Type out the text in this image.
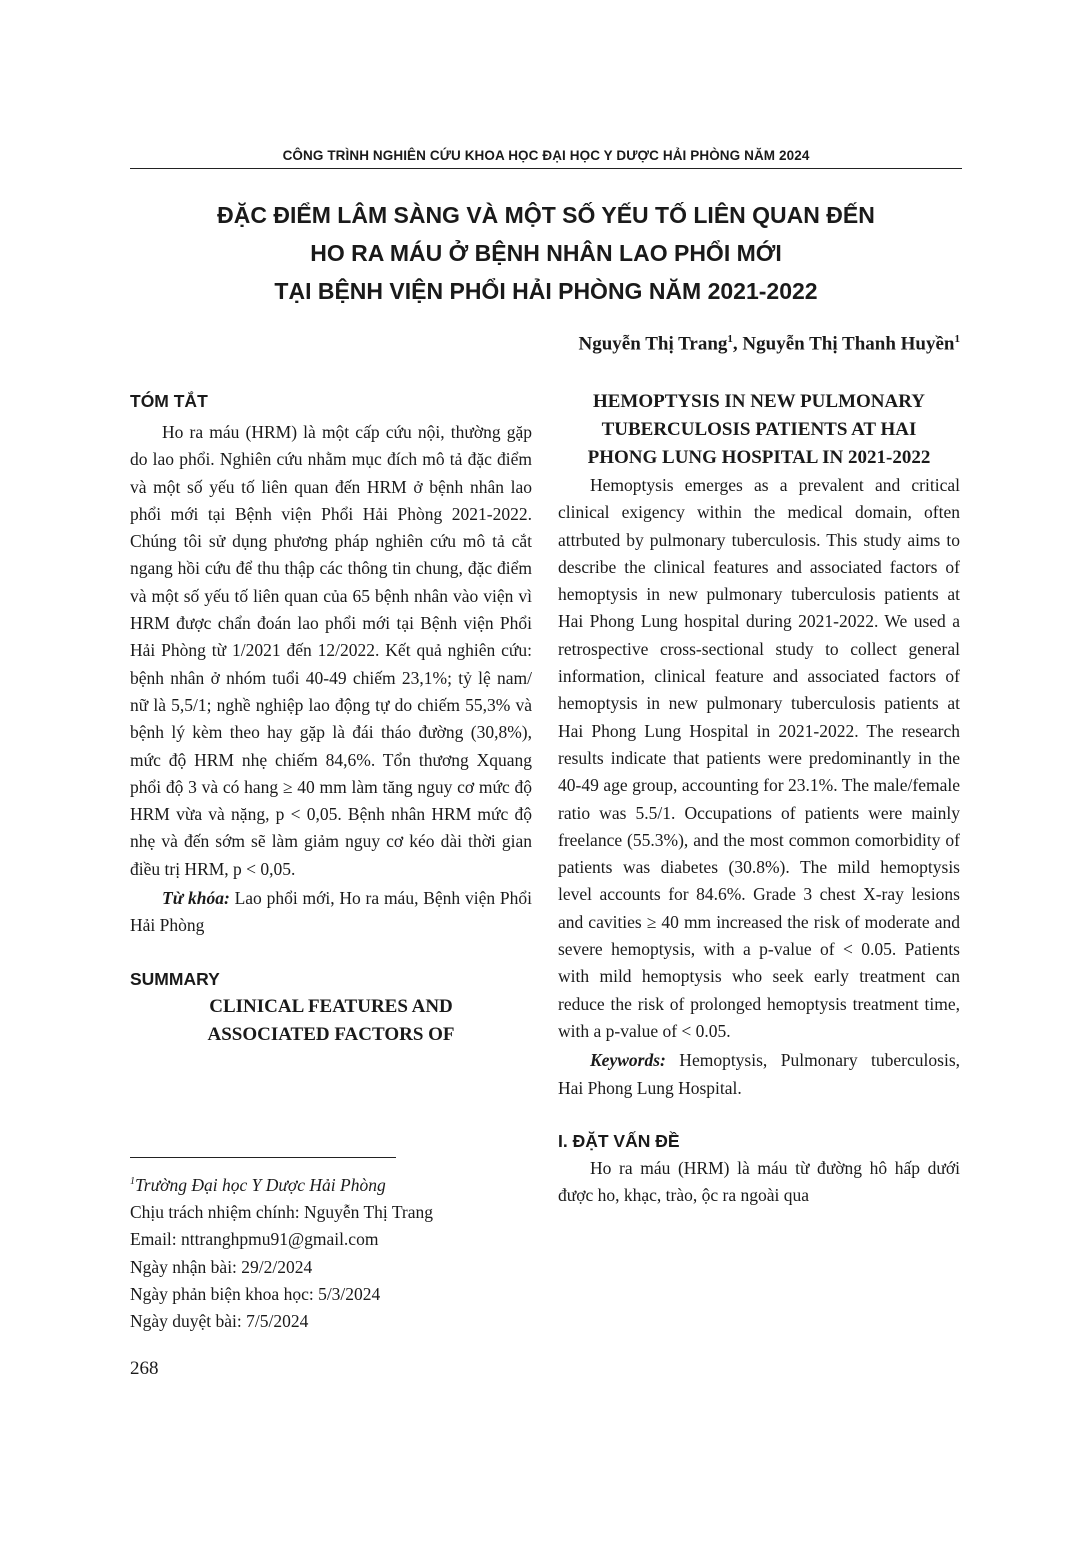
CÔNG TRÌNH NGHIÊN CỨU KHOA HỌC ĐẠI HỌC Y DƯỢC HẢI PHÒNG NĂM 2024
ĐẶC ĐIỂM LÂM SÀNG VÀ MỘT SỐ YẾU TỐ LIÊN QUAN ĐẾN
HO RA MÁU Ở BỆNH NHÂN LAO PHỔI MỚI
TẠI BỆNH VIỆN PHỔI HẢI PHÒNG NĂM 2021-2022
Nguyễn Thị Trang$^1$, Nguyễn Thị Thanh Huyền$^1$
TÓM TẮT

Ho ra máu (HRM) là một cấp cứu nội, thường gặp do lao phổi. Nghiên cứu nhằm mục đích mô tả đặc điểm và một số yếu tố liên quan đến HRM ở bệnh nhân lao phổi mới tại Bệnh viện Phổi Hải Phòng 2021-2022. Chúng tôi sử dụng phương pháp nghiên cứu mô tả cắt ngang hồi cứu để thu thập các thông tin chung, đặc điểm và một số yếu tố liên quan của 65 bệnh nhân vào viện vì HRM được chẩn đoán lao phổi mới tại Bệnh viện Phổi Hải Phòng từ 1/2021 đến 12/2022. Kết quả nghiên cứu: bệnh nhân ở nhóm tuổi 40-49 chiếm 23,1%; tỷ lệ nam/ nữ là 5,5/1; nghề nghiệp lao động tự do chiếm 55,3% và bệnh lý kèm theo hay gặp là đái tháo đường (30,8%), mức độ HRM nhẹ chiếm 84,6%. Tổn thương Xquang phổi độ 3 và có hang ≥ 40 mm làm tăng nguy cơ mức độ HRM vừa và nặng, p < 0,05. Bệnh nhân HRM mức độ nhẹ và đến sớm sẽ làm giảm nguy cơ kéo dài thời gian điều trị HRM, p < 0,05.

Từ khóa: Lao phổi mới, Ho ra máu, Bệnh viện Phổi Hải Phòng

SUMMARY
CLINICAL FEATURES AND
ASSOCIATED FACTORS OF
$^1$Trường Đại học Y Dược Hải Phòng
Chịu trách nhiệm chính: Nguyễn Thị Trang
Email: nttranghpmu91@gmail.com
Ngày nhận bài: 29/2/2024
Ngày phản biện khoa học: 5/3/2024
Ngày duyệt bài: 7/5/2024
HEMOPTYSIS IN NEW PULMONARY
TUBERCULOSIS PATIENTS AT HAI
PHONG LUNG HOSPITAL IN 2021-2022

Hemoptysis emerges as a prevalent and critical clinical exigency within the medical domain, often attrbuted by pulmonary tuberculosis. This study aims to describe the clinical features and associated factors of hemoptysis in new pulmonary tuberculosis patients at Hai Phong Lung hospital during 2021-2022. We used a retrospective cross-sectional study to collect general information, clinical feature and associated factors of hemoptysis in new pulmonary tuberculosis patients at Hai Phong Lung Hospital in 2021-2022. The research results indicate that patients were predominantly in the 40-49 age group, accounting for 23.1%. The male/female ratio was 5.5/1. Occupations of patients were mainly freelance (55.3%), and the most common comorbidity of patients was diabetes (30.8%). The mild hemoptysis level accounts for 84.6%. Grade 3 chest X-ray lesions and cavities ≥ 40 mm increased the risk of moderate and severe hemoptysis, with a p-value of < 0.05. Patients with mild hemoptysis who seek early treatment can reduce the risk of prolonged hemoptysis treatment time, with a p-value of < 0.05.

Keywords: Hemoptysis, Pulmonary tuberculosis, Hai Phong Lung Hospital.

I. ĐẶT VẤN ĐỀ

Ho ra máu (HRM) là máu từ đường hô hấp dưới được ho, khạc, trào, ộc ra ngoài qua

268
